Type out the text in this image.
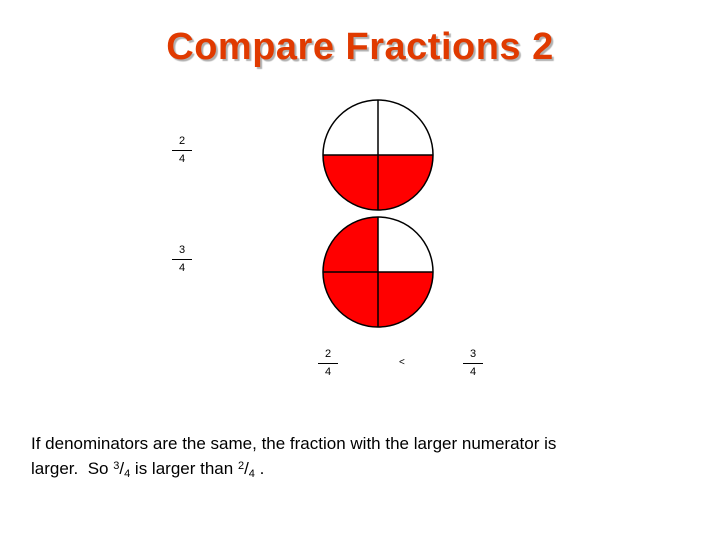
Compare Fractions 2
2
4
3
4
2
4
<
3
4
If denominators are the same, the fraction with the larger numerator is
larger.  So $^3/_4$ is larger than $^2/_4$ .
